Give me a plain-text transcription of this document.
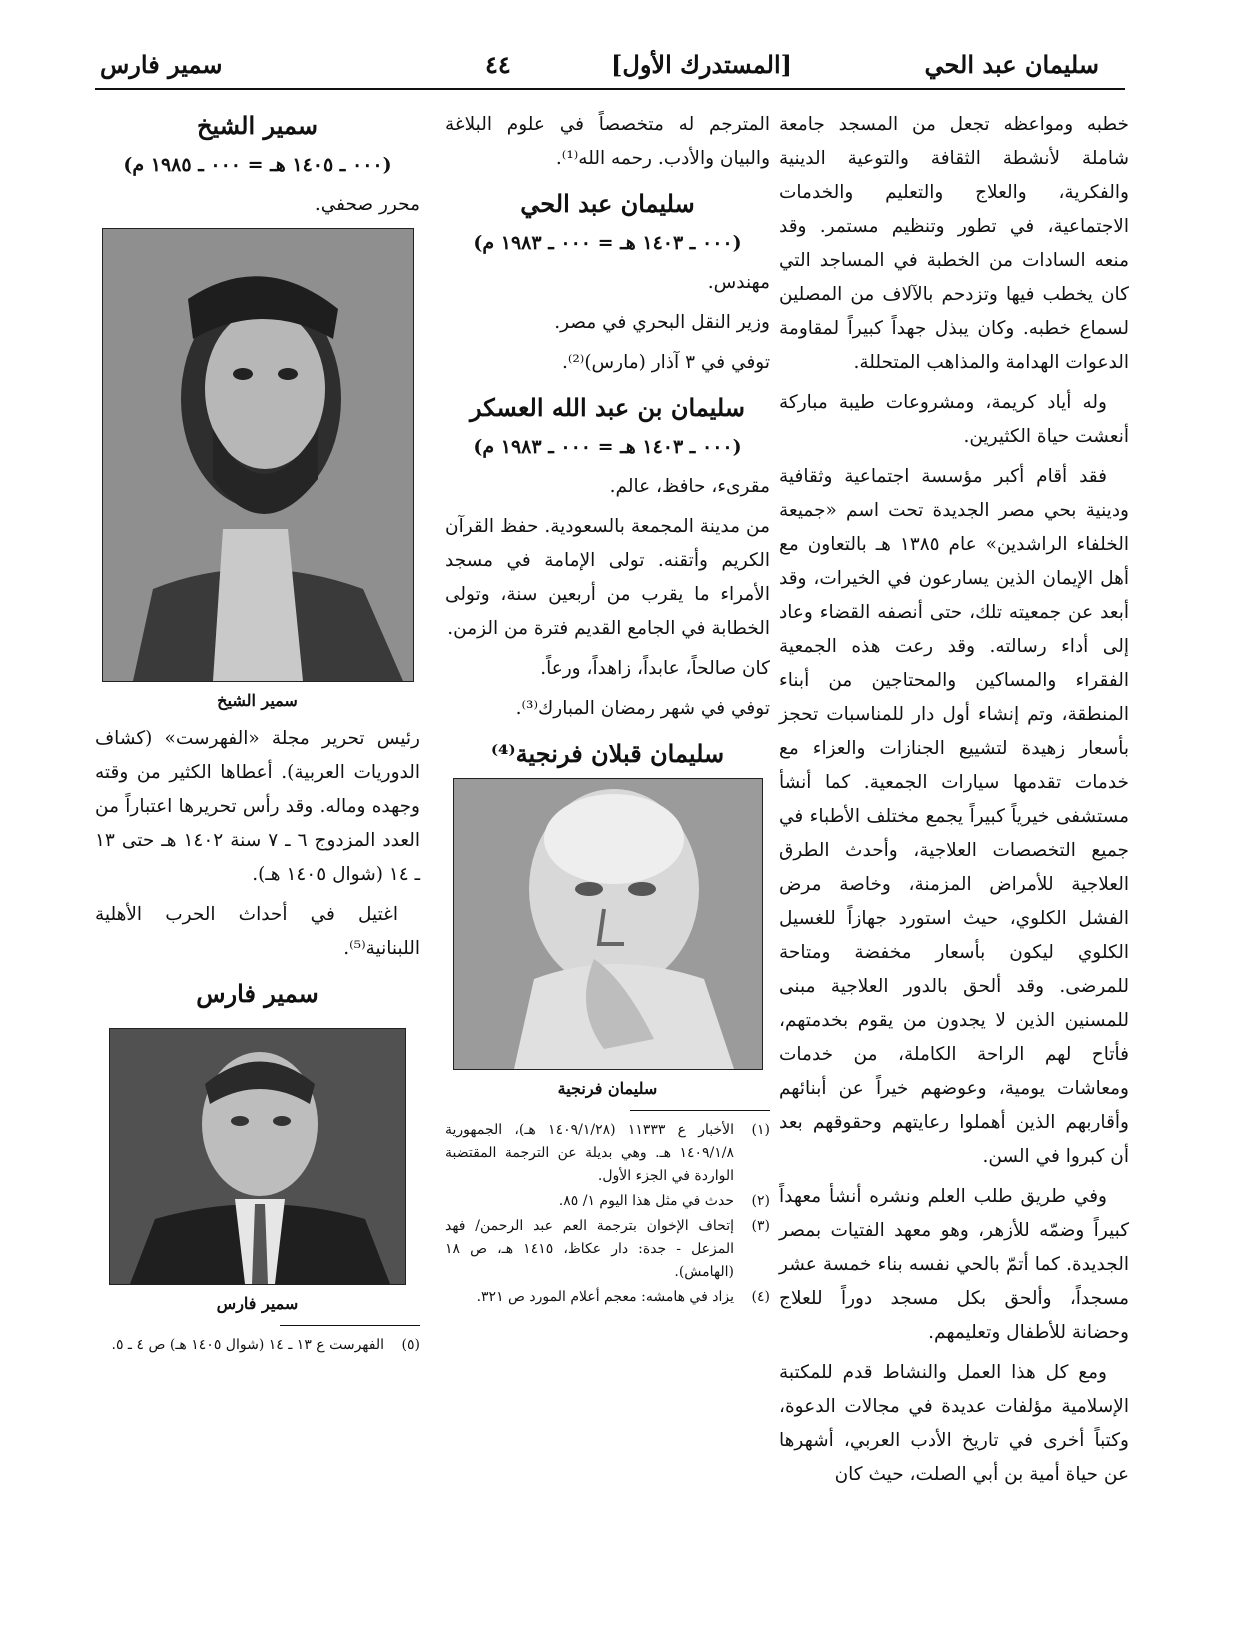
سليمان عبد الحي
[المستدرك الأول]            ٤٤
سمير فارس

خطبه ومواعظه تجعل من المسجد جامعة شاملة لأنشطة الثقافة والتوعية الدينية والفكرية، والعلاج والتعليم والخدمات الاجتماعية، في تطور وتنظيم مستمر. وقد منعه السادات من الخطبة في المساجد التي كان يخطب فيها وتزدحم بالآلاف من المصلين لسماع خطبه. وكان يبذل جهداً كبيراً لمقاومة الدعوات الهدامة والمذاهب المتحللة.

وله أياد كريمة، ومشروعات طيبة مباركة أنعشت حياة الكثيرين.

فقد أقام أكبر مؤسسة اجتماعية وثقافية ودينية بحي مصر الجديدة تحت اسم «جميعة الخلفاء الراشدين» عام ١٣٨٥ هـ بالتعاون مع أهل الإيمان الذين يسارعون في الخيرات، وقد أبعد عن جمعيته تلك، حتى أنصفه القضاء وعاد إلى أداء رسالته. وقد رعت هذه الجمعية الفقراء والمساكين والمحتاجين من أبناء المنطقة، وتم إنشاء أول دار للمناسبات تحجز بأسعار زهيدة لتشييع الجنازات والعزاء مع خدمات تقدمها سيارات الجمعية. كما أنشأ مستشفى خيرياً كبيراً يجمع مختلف الأطباء في جميع التخصصات العلاجية، وأحدث الطرق العلاجية للأمراض المزمنة، وخاصة مرض الفشل الكلوي، حيث استورد جهازاً للغسيل الكلوي ليكون بأسعار مخفضة ومتاحة للمرضى. وقد ألحق بالدور العلاجية مبنى للمسنين الذين لا يجدون من يقوم بخدمتهم، فأتاح لهم الراحة الكاملة، من خدمات ومعاشات يومية، وعوضهم خيراً عن أبنائهم وأقاربهم الذين أهملوا رعايتهم وحقوقهم بعد أن كبروا في السن.

وفي طريق طلب العلم ونشره أنشأ معهداً كبيراً وضمّه للأزهر، وهو معهد الفتيات بمصر الجديدة. كما أتمّ بالحي نفسه بناء خمسة عشر مسجداً، وألحق بكل مسجد دوراً للعلاج وحضانة للأطفال وتعليمهم.

ومع كل هذا العمل والنشاط قدم للمكتبة الإسلامية مؤلفات عديدة في مجالات الدعوة، وكتباً أخرى في تاريخ الأدب العربي، أشهرها عن حياة أمية بن أبي الصلت، حيث كان

المترجم له متخصصاً في علوم البلاغة والبيان والأدب. رحمه الله⁽¹⁾.

سليمان عبد الحي
(٠٠٠ ـ ١٤٠٣ هـ = ٠٠٠ ـ ١٩٨٣ م)

مهندس.

وزير النقل البحري في مصر.

توفي في ٣ آذار (مارس)⁽²⁾.

سليمان بن عبد الله العسكر
(٠٠٠ ـ ١٤٠٣ هـ = ٠٠٠ ـ ١٩٨٣ م)

مقرىء، حافظ، عالم.

من مدينة المجمعة بالسعودية. حفظ القرآن الكريم وأتقنه. تولى الإمامة في مسجد الأمراء ما يقرب من أربعين سنة، وتولى الخطابة في الجامع القديم فترة من الزمن.

كان صالحاً، عابداً، زاهداً، ورعاً.

توفي في شهر رمضان المبارك⁽³⁾.

سليمان قبلان فرنجية⁽⁴⁾
سليمان فرنجية
(١)
الأخبار ع ١١٣٣٣ (١٤٠٩/١/٢٨ هـ)، الجمهورية ١٤٠٩/١/٨ هـ. وهي بديلة عن الترجمة المقتضبة الواردة في الجزء الأول.
(٢)
حدث في مثل هذا اليوم ١/ ٨٥.
(٣)
إتحاف الإخوان بترجمة العم عبد الرحمن/ فهد المزعل - جدة: دار عكاظ، ١٤١٥ هـ، ص ١٨ (الهامش).
(٤)
يزاد في هامشه: معجم أعلام المورد ص ٣٢١.
سمير الشيخ
(٠٠٠ ـ ١٤٠٥ هـ = ٠٠٠ ـ ١٩٨٥ م)

محرر صحفي.

سمير الشيخ

رئيس تحرير مجلة «الفهرست» (كشاف الدوريات العربية). أعطاها الكثير من وقته وجهده وماله. وقد رأس تحريرها اعتباراً من العدد المزدوج ٦ ـ ٧ سنة ١٤٠٢ هـ حتى ١٣ ـ ١٤ (شوال ١٤٠٥ هـ).

اغتيل في أحداث الحرب الأهلية اللبنانية⁽⁵⁾.

سمير فارس
سمير فارس
(٥)
الفهرست ع ١٣ ـ ١٤ (شوال ١٤٠٥ هـ) ص ٤ ـ ٥.
